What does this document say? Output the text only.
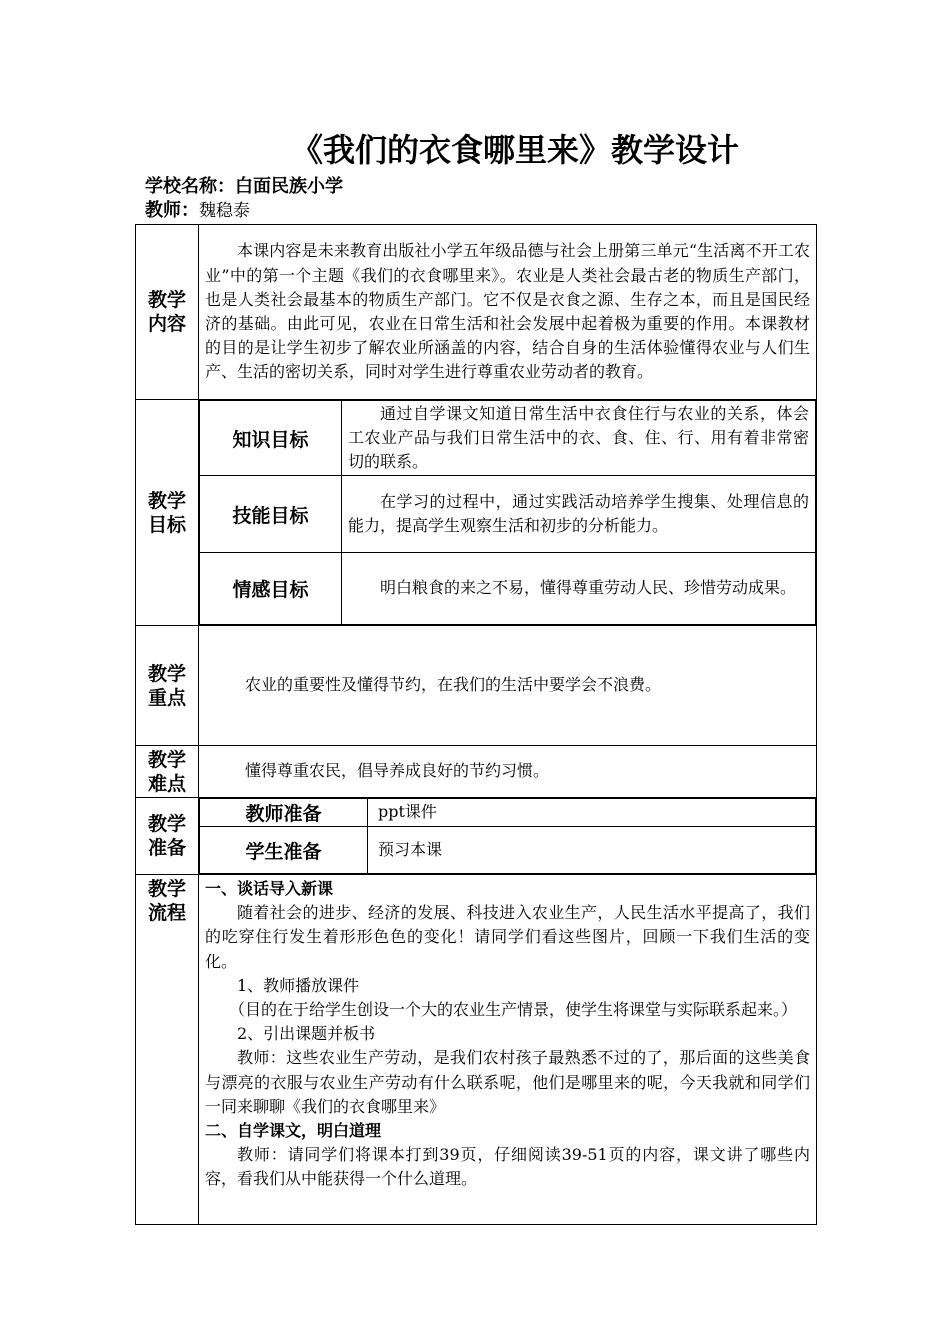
《我们的衣食哪里来》教学设计
学校名称：白面民族小学
教师：魏稳泰
教学
内容	
本课内容是未来教育出版社小学五年级品德与社会上册第三单元“生活离不开工农业”中的第一个主题《我们的衣食哪里来》。农业是人类社会最古老的物质生产部门，也是人类社会最基本的物质生产部门。它不仅是衣食之源、生存之本，而且是国民经济的基础。由此可见，农业在日常生活和社会发展中起着极为重要的作用。本课教材的目的是让学生初步了解农业所涵盖的内容，结合自身的生活体验懂得农业与人们生产、生活的密切关系，同时对学生进行尊重农业劳动者的教育。

教学
目标	
知识目标	
通过自学课文知道日常生活中衣食住行与农业的关系，体会工农业产品与我们日常生活中的衣、食、住、行、用有着非常密切的联系。

技能目标	
在学习的过程中，通过实践活动培养学生搜集、处理信息的能力，提高学生观察生活和初步的分析能力。

情感目标	明白粮食的来之不易，懂得尊重劳动人民、珍惜劳动成果。

教学
重点	
农业的重要性及懂得节约，在我们的生活中要学会不浪费。

教学
难点	
懂得尊重农民，倡导养成良好的节约习惯。

教学
准备	
教师准备	ppt课件

学生准备	预习本课

教学
流程	
一、谈话导入新课
随着社会的进步、经济的发展、科技进入农业生产，人民生活水平提高了，我们的吃穿住行发生着形形色色的变化！请同学们看这些图片，回顾一下我们生活的变化。
1、教师播放课件
（目的在于给学生创设一个大的农业生产情景，使学生将课堂与实际联系起来。）
2、引出课题并板书
教师：这些农业生产劳动，是我们农村孩子最熟悉不过的了，那后面的这些美食与漂亮的衣服与农业生产劳动有什么联系呢，他们是哪里来的呢，今天我就和同学们一同来聊聊《我们的衣食哪里来》
二、自学课文，明白道理
教师：请同学们将课本打到39页，仔细阅读39-51页的内容，课文讲了哪些内容，看我们从中能获得一个什么道理。
